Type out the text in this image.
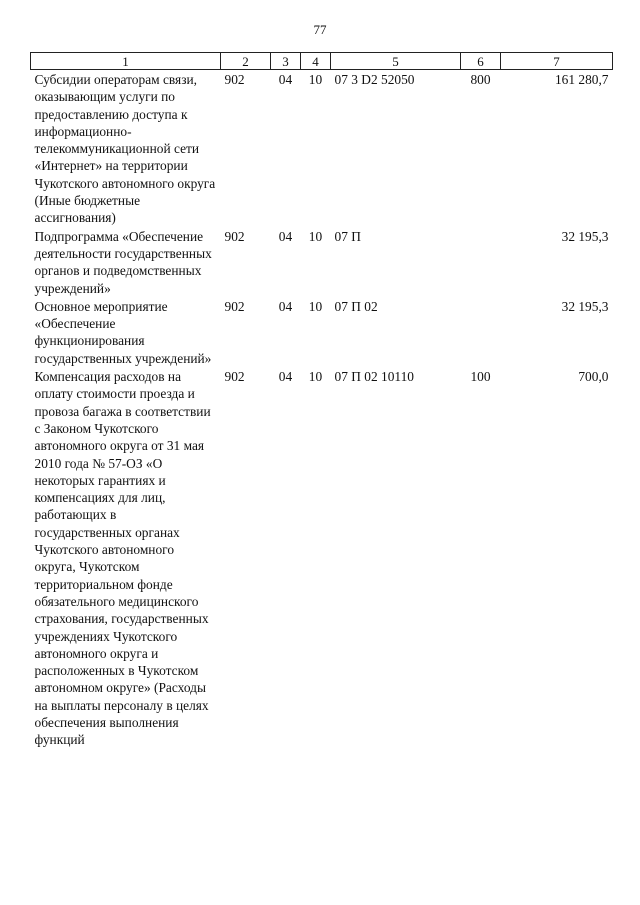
77
1	2	3	4	5	6	7
Субсидии операторам связи, оказывающим услуги по предоставлению доступа к информационно-телекоммуникационной сети «Интернет» на территории Чукотского автономного округа (Иные бюджетные ассигнования)	902	04	10	07 3 D2 52050	800	161 280,7
Подпрограмма «Обеспечение деятельности государственных органов и подведомственных учреждений»	902	04	10	07 П		32 195,3
Основное мероприятие «Обеспечение функционирования государственных учреждений»	902	04	10	07 П 02		32 195,3
Компенсация расходов на оплату стоимости проезда и провоза багажа в соответствии с Законом Чукотского автономного округа от 31 мая 2010 года № 57-ОЗ «О некоторых гарантиях и компенсациях для лиц, работающих в государственных органах Чукотского автономного округа, Чукотском территориальном фонде обязательного медицинского страхования, государственных учреждениях Чукотского автономного округа и расположенных в Чукотском автономном округе» (Расходы на выплаты персоналу в целях обеспечения выполнения функций	902	04	10	07 П 02 10110	100	700,0
